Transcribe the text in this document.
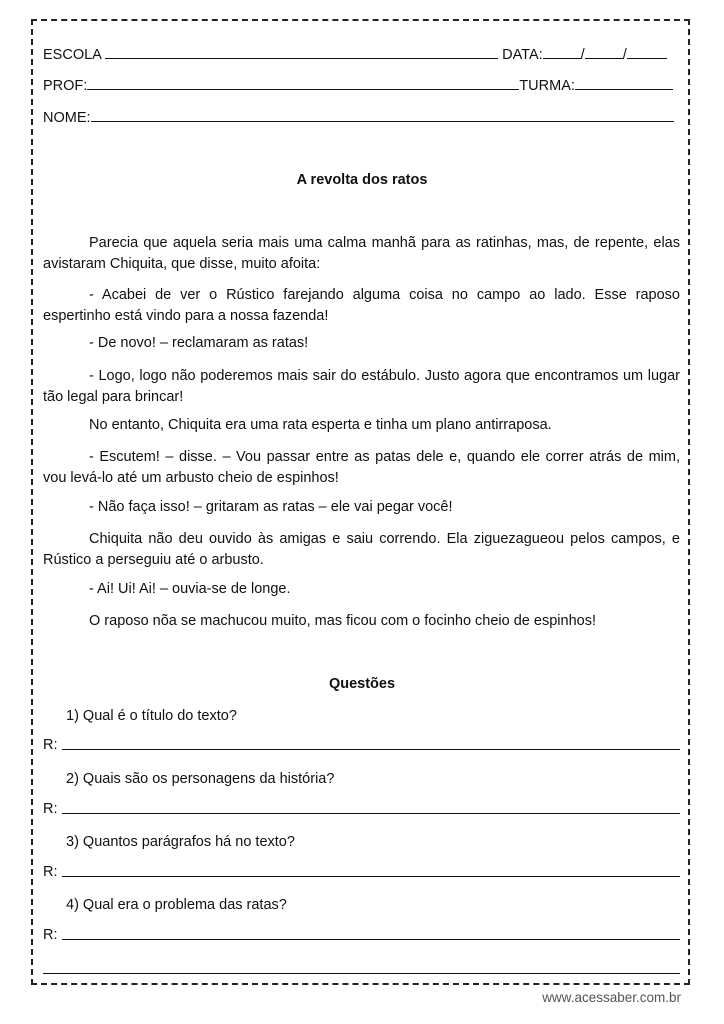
ESCOLA	DATA:	/	/
PROF:	TURMA:
NOME:
A revolta dos ratos

Parecia que aquela seria mais uma calma manhã para as ratinhas, mas, de repente, elas avistaram Chiquita, que disse, muito afoita:

- Acabei de ver o Rústico farejando alguma coisa no campo ao lado. Esse raposo espertinho está vindo para a nossa fazenda!

- De novo! – reclamaram as ratas!

- Logo, logo não poderemos mais sair do estábulo. Justo agora que encontramos um lugar tão legal para brincar!

No entanto, Chiquita era uma rata esperta e tinha um plano antirraposa.

- Escutem! – disse. – Vou passar entre as patas dele e, quando ele correr atrás de mim, vou levá-lo até um arbusto cheio de espinhos!

- Não faça isso! – gritaram as ratas – ele vai pegar você!

Chiquita não deu ouvido às amigas e saiu correndo. Ela ziguezagueou pelos campos, e Rústico a perseguiu até o arbusto.

- Ai! Ui! Ai! – ouvia-se de longe.

O raposo nõa se machucou muito, mas ficou com o focinho cheio de espinhos!

Questões
1) Qual é o título do texto?
R:
2) Quais são os personagens da história?
R:
3) Quantos parágrafos há no texto?
R:
4) Qual era o problema das ratas?
R:
www.acessaber.com.br
